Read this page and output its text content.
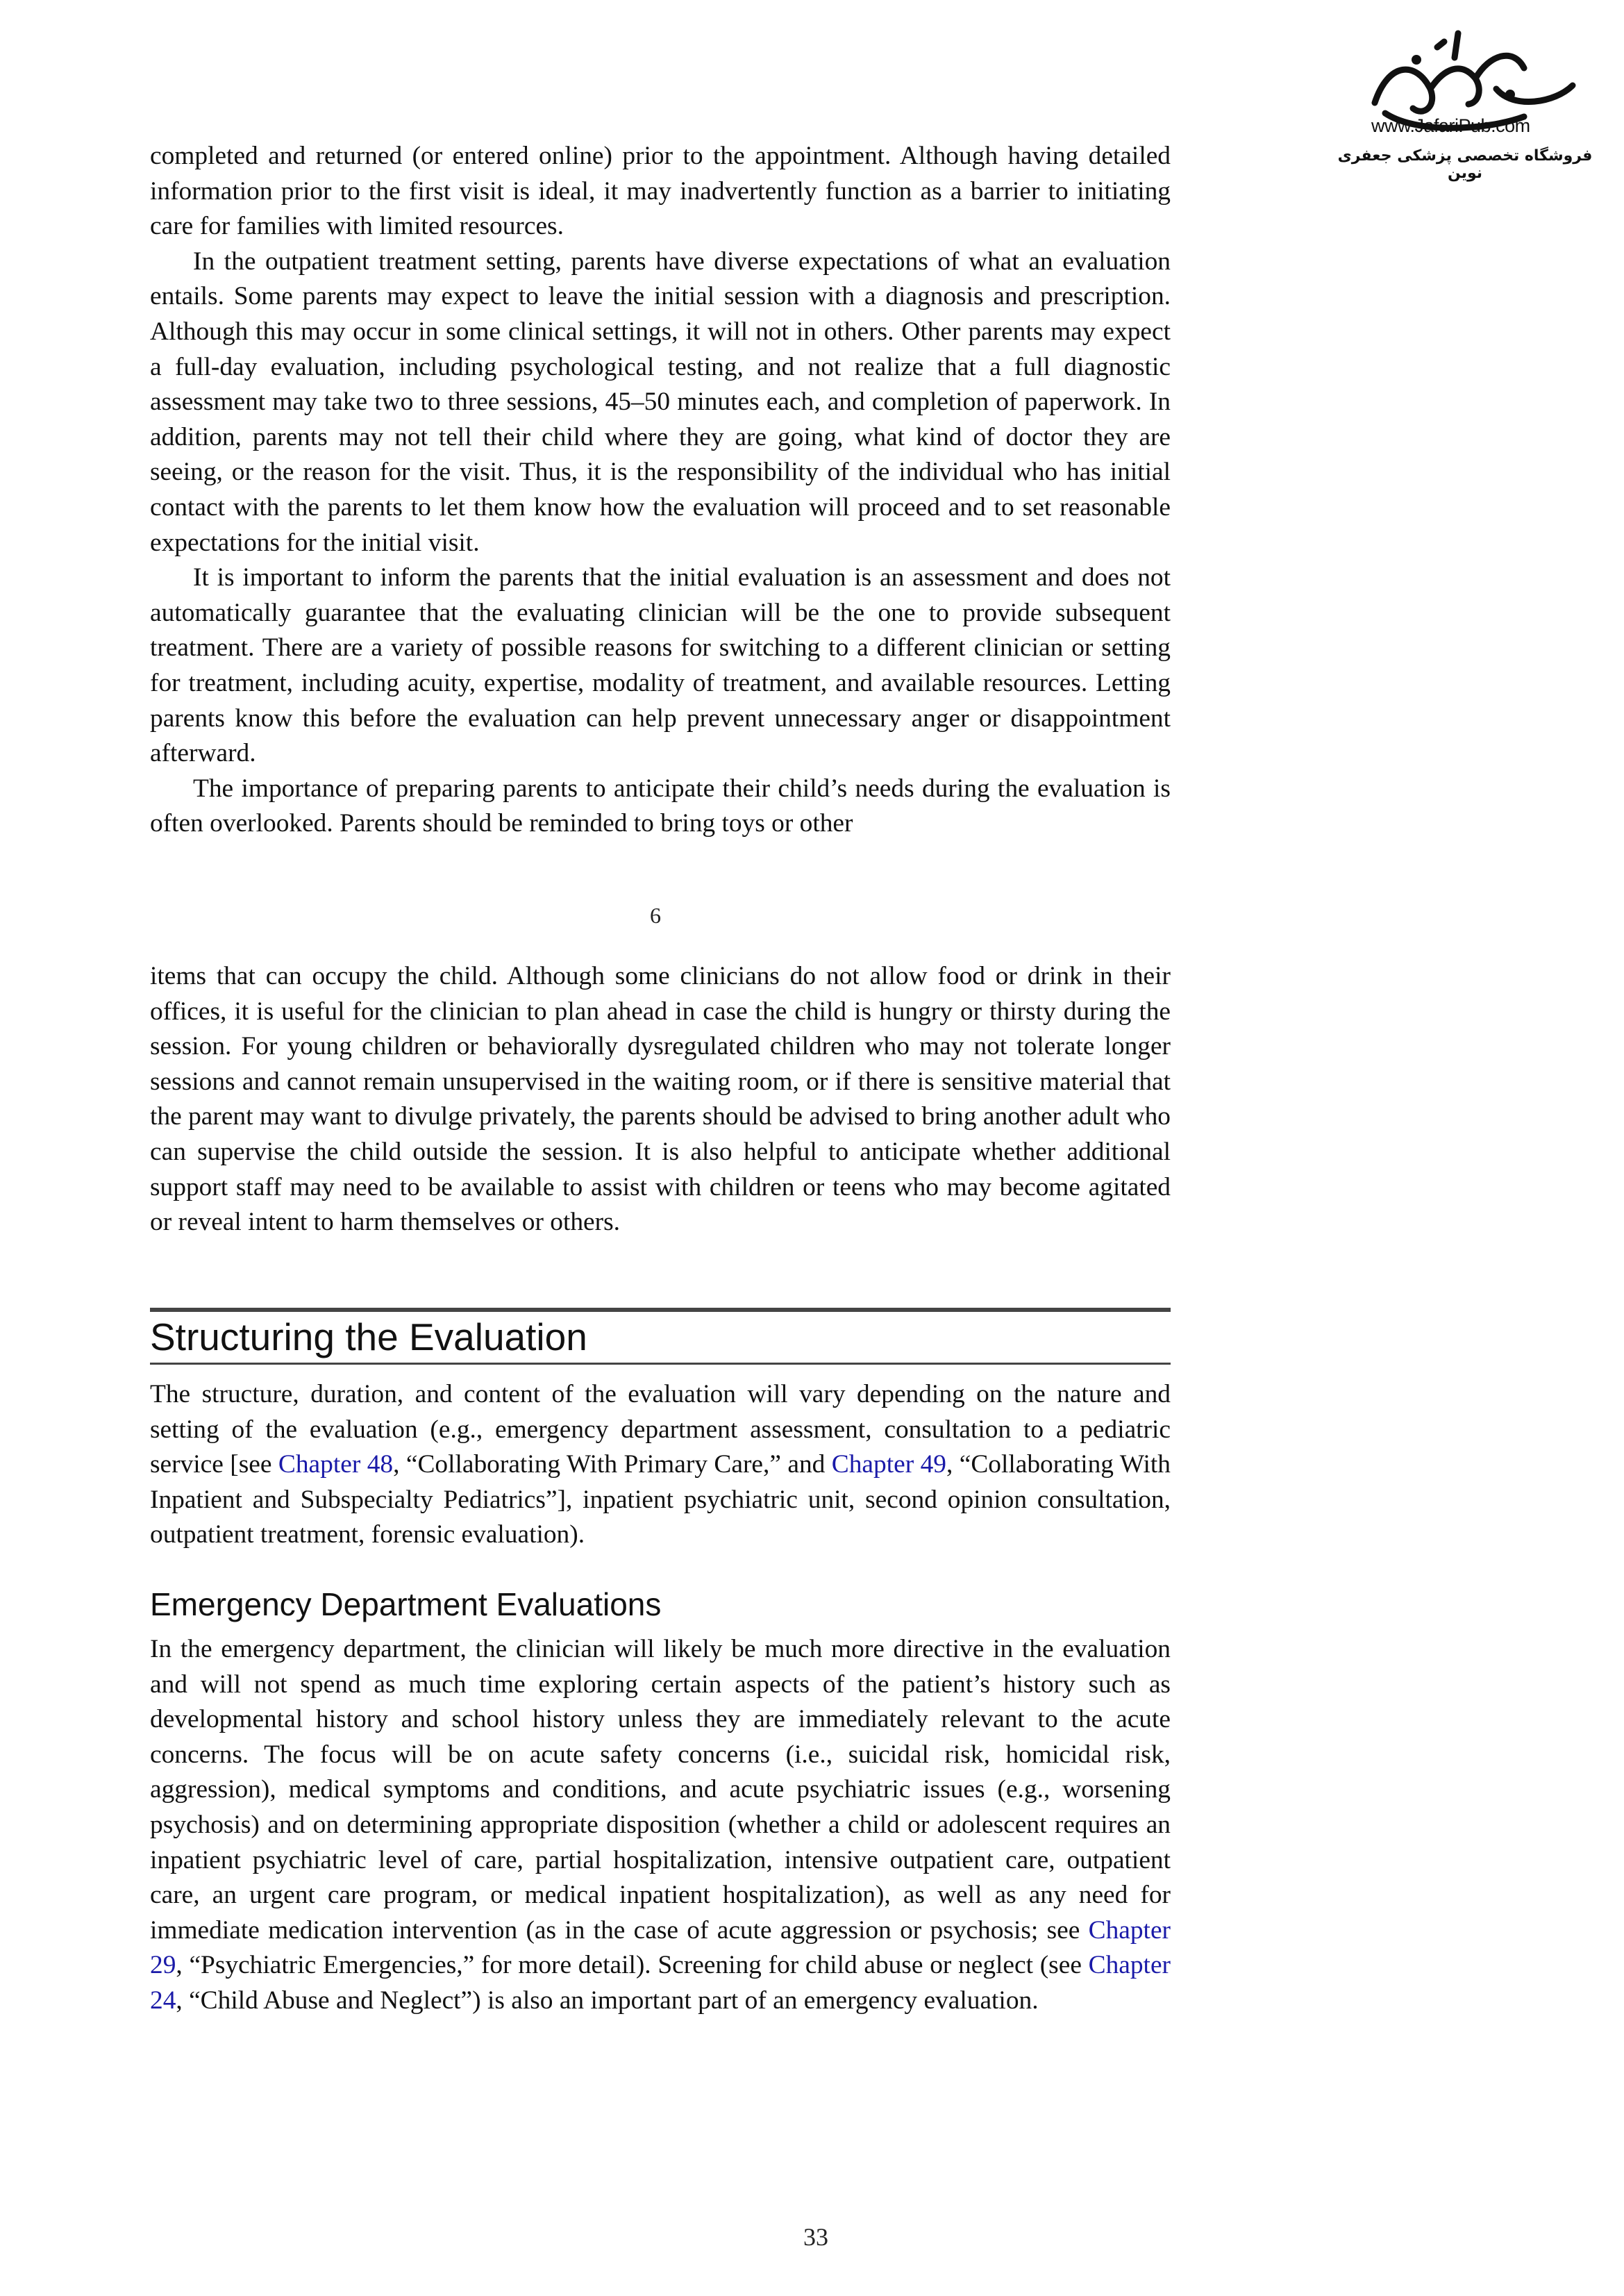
www.JafariPub.com
فروشگاه تخصصی پزشکی جعفری نوین

completed and returned (or entered online) prior to the appointment. Although having detailed information prior to the first visit is ideal, it may inadvertently function as a barrier to initiating care for families with limited resources.

In the outpatient treatment setting, parents have diverse expectations of what an evaluation entails. Some parents may expect to leave the initial session with a diagnosis and prescription. Although this may occur in some clinical settings, it will not in others. Other parents may expect a full-day evaluation, including psychological testing, and not realize that a full diagnostic assessment may take two to three sessions, 45–50 minutes each, and completion of paperwork. In addition, parents may not tell their child where they are going, what kind of doctor they are seeing, or the reason for the visit. Thus, it is the responsibility of the individual who has initial contact with the parents to let them know how the evaluation will proceed and to set reasonable expectations for the initial visit.

It is important to inform the parents that the initial evaluation is an assessment and does not automatically guarantee that the evaluating clinician will be the one to provide subsequent treatment. There are a variety of possible reasons for switching to a different clinician or setting for treatment, including acuity, expertise, modality of treatment, and available resources. Letting parents know this before the evaluation can help prevent unnecessary anger or disappointment afterward.

The importance of preparing parents to anticipate their child’s needs during the evaluation is often overlooked. Parents should be reminded to bring toys or other

6

items that can occupy the child. Although some clinicians do not allow food or drink in their offices, it is useful for the clinician to plan ahead in case the child is hungry or thirsty during the session. For young children or behaviorally dysregulated children who may not tolerate longer sessions and cannot remain unsupervised in the waiting room, or if there is sensitive material that the parent may want to divulge privately, the parents should be advised to bring another adult who can supervise the child outside the session. It is also helpful to anticipate whether additional support staff may need to be available to assist with children or teens who may become agitated or reveal intent to harm themselves or others.

Structuring the Evaluation

The structure, duration, and content of the evaluation will vary depending on the nature and setting of the evaluation (e.g., emergency department assessment, consultation to a pediatric service [see Chapter 48, “Collaborating With Primary Care,” and Chapter 49, “Collaborating With Inpatient and Subspecialty Pediatrics”], inpatient psychiatric unit, second opinion consultation, outpatient treatment, forensic evaluation).

Emergency Department Evaluations

In the emergency department, the clinician will likely be much more directive in the evaluation and will not spend as much time exploring certain aspects of the patient’s history such as developmental history and school history unless they are immediately relevant to the acute concerns. The focus will be on acute safety concerns (i.e., suicidal risk, homicidal risk, aggression), medical symptoms and conditions, and acute psychiatric issues (e.g., worsening psychosis) and on determining appropriate disposition (whether a child or adolescent requires an inpatient psychiatric level of care, partial hospitalization, intensive outpatient care, outpatient care, an urgent care program, or medical inpatient hospitalization), as well as any need for immediate medication intervention (as in the case of acute aggression or psychosis; see Chapter 29, “Psychiatric Emergencies,” for more detail). Screening for child abuse or neglect (see Chapter 24, “Child Abuse and Neglect”) is also an important part of an emergency evaluation.

33
